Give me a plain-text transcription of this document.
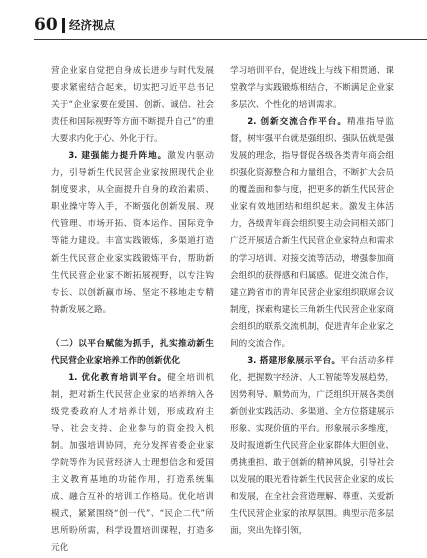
60 经济视点

营企业家自觉把自身成长进步与时代发展要求紧密结合起来，切实把习近平总书记关于“企业家要在爱国、创新、诚信、社会责任和国际视野等方面不断提升自己”的重大要求内化于心、外化于行。

3. 建强能力提升阵地。激发内驱动力，引导新生代民营企业家按照现代企业制度要求，从全面提升自身的政治素质、职业操守等入手，不断强化创新发展、现代管理、市场开拓、资本运作、国际竞争等能力建设。丰富实践锻炼，多渠道打造新生代民营企业家实践锻炼平台，帮助新生代民营企业家不断拓展视野，以专注钩专长、以创新赢市场、坚定不移地走专精特新发展之路。

（二）以平台赋能为抓手，扎实推动新生代民营企业家培养工作的创新优化

1. 优化教育培训平台。健全培训机制，把对新生代民营企业家的培养纳入各级党委政府人才培养计划，形成政府主导、社会支持、企业参与的资金投入机制。加强培训协同，充分发挥省委企业家学院等作为民营经济人士理想信念和爱国主义教育基地的功能作用，打造系统集成、融合互补的培训工作格局。优化培训模式，紧紧围绕“创一代”、“民企二代”所思所盼所需，科学设置培训课程，打造多元化

学习培训平台，促进线上与线下相贯通、课堂教学与实践锻炼相结合，不断满足企业家多层次、个性化的培训需求。

2. 创新交流合作平台。精准指导监督，树牢强平台就是强组织、强队伍就是强发展的理念，指导督促各级各类青年商会组织强化资源整合和力量组合，不断扩大会员的覆盖面和参与度，把更多的新生代民营企业家有效地团结和组织起来。激发主体活力，各级青年商会组织要主动会同相关部门广泛开展适合新生代民营企业家特点和需求的学习培训、对接交流等活动，增强参加商会组织的获得感和归属感。促进交流合作，建立跨省市的青年民营企业家组织联席会议制度，探索构建长三角新生代民营企业家商会组织的联系交流机制，促进青年企业家之间的交流合作。

3. 搭建形象展示平台。平台活动多样化，把握数字经济、人工智能等发展趋势，因势利导、顺势而为，广泛组织开展各类创新创业实践活动、多渠道、全方位搭建展示形象、实现价值的平台。形象展示多维度，及时报道新生代民营企业家群体大胆创业、勇挑重担、敢于创新的精神风貌，引导社会以发展的眼光看待新生代民营企业家的成长和发展，在全社会营造理解、尊重、关爱新生代民营企业家的浓厚氛围。典型示范多层面，突出先锋引领，
